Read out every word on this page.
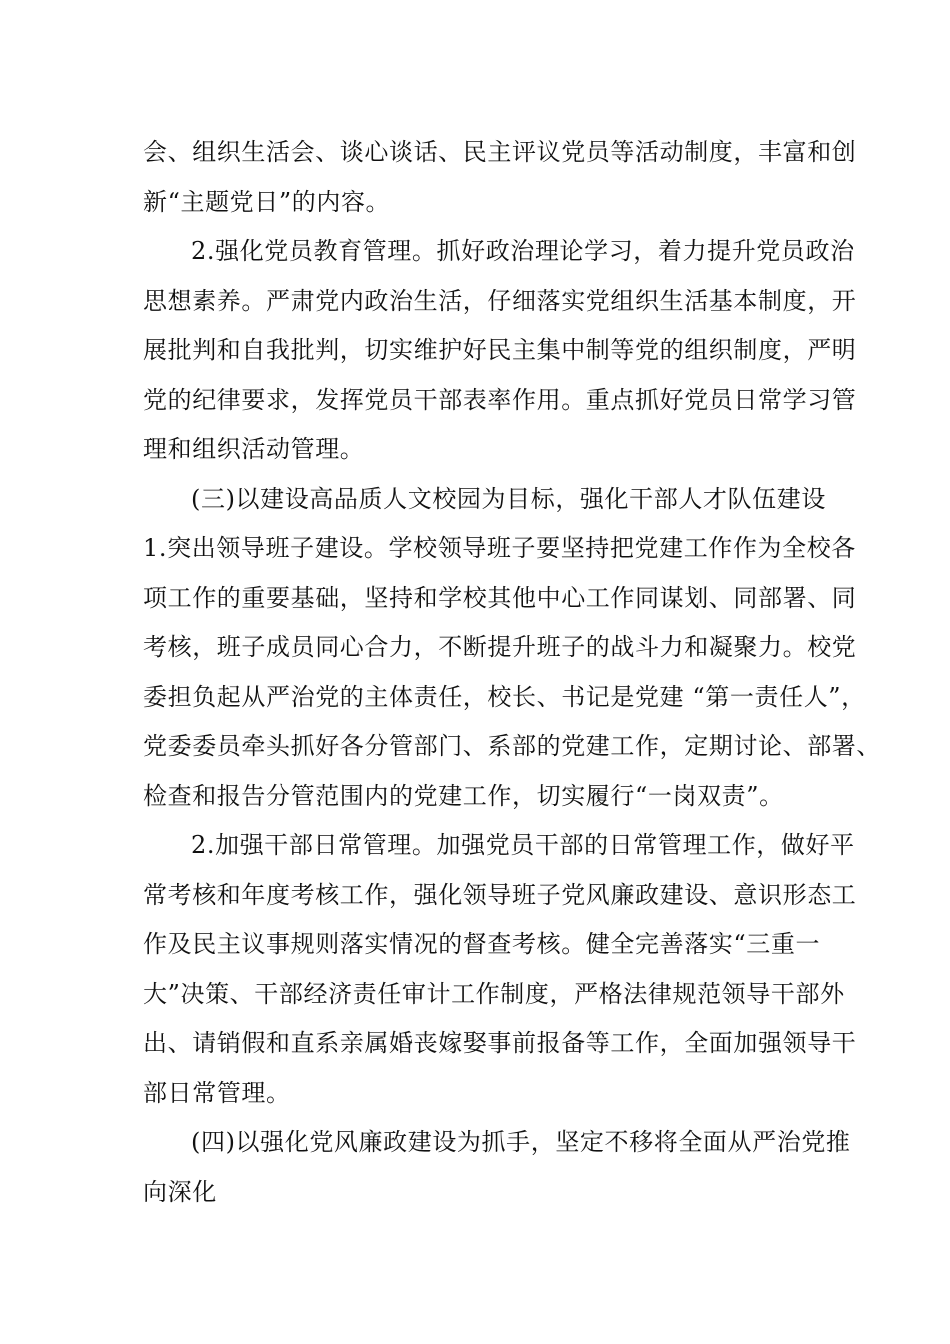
会、组织生活会、谈心谈话、民主评议党员等活动制度，丰富和创
新“主题党日”的内容。
2.强化党员教育管理。抓好政治理论学习，着力提升党员政治
思想素养。严肃党内政治生活，仔细落实党组织生活基本制度，开
展批判和自我批判，切实维护好民主集中制等党的组织制度，严明
党的纪律要求，发挥党员干部表率作用。重点抓好党员日常学习管
理和组织活动管理。
(三)以建设高品质人文校园为目标，强化干部人才队伍建设
1.突出领导班子建设。学校领导班子要坚持把党建工作作为全校各
项工作的重要基础，坚持和学校其他中心工作同谋划、同部署、同
考核，班子成员同心合力，不断提升班子的战斗力和凝聚力。校党
委担负起从严治党的主体责任，校长、书记是党建 “第一责任人”，
党委委员牵头抓好各分管部门、系部的党建工作，定期讨论、部署、
检查和报告分管范围内的党建工作，切实履行“一岗双责”。
2.加强干部日常管理。加强党员干部的日常管理工作，做好平
常考核和年度考核工作，强化领导班子党风廉政建设、意识形态工
作及民主议事规则落实情况的督查考核。健全完善落实“三重一
大”决策、干部经济责任审计工作制度，严格法律规范领导干部外
出、请销假和直系亲属婚丧嫁娶事前报备等工作，全面加强领导干
部日常管理。
(四)以强化党风廉政建设为抓手，坚定不移将全面从严治党推
向深化
